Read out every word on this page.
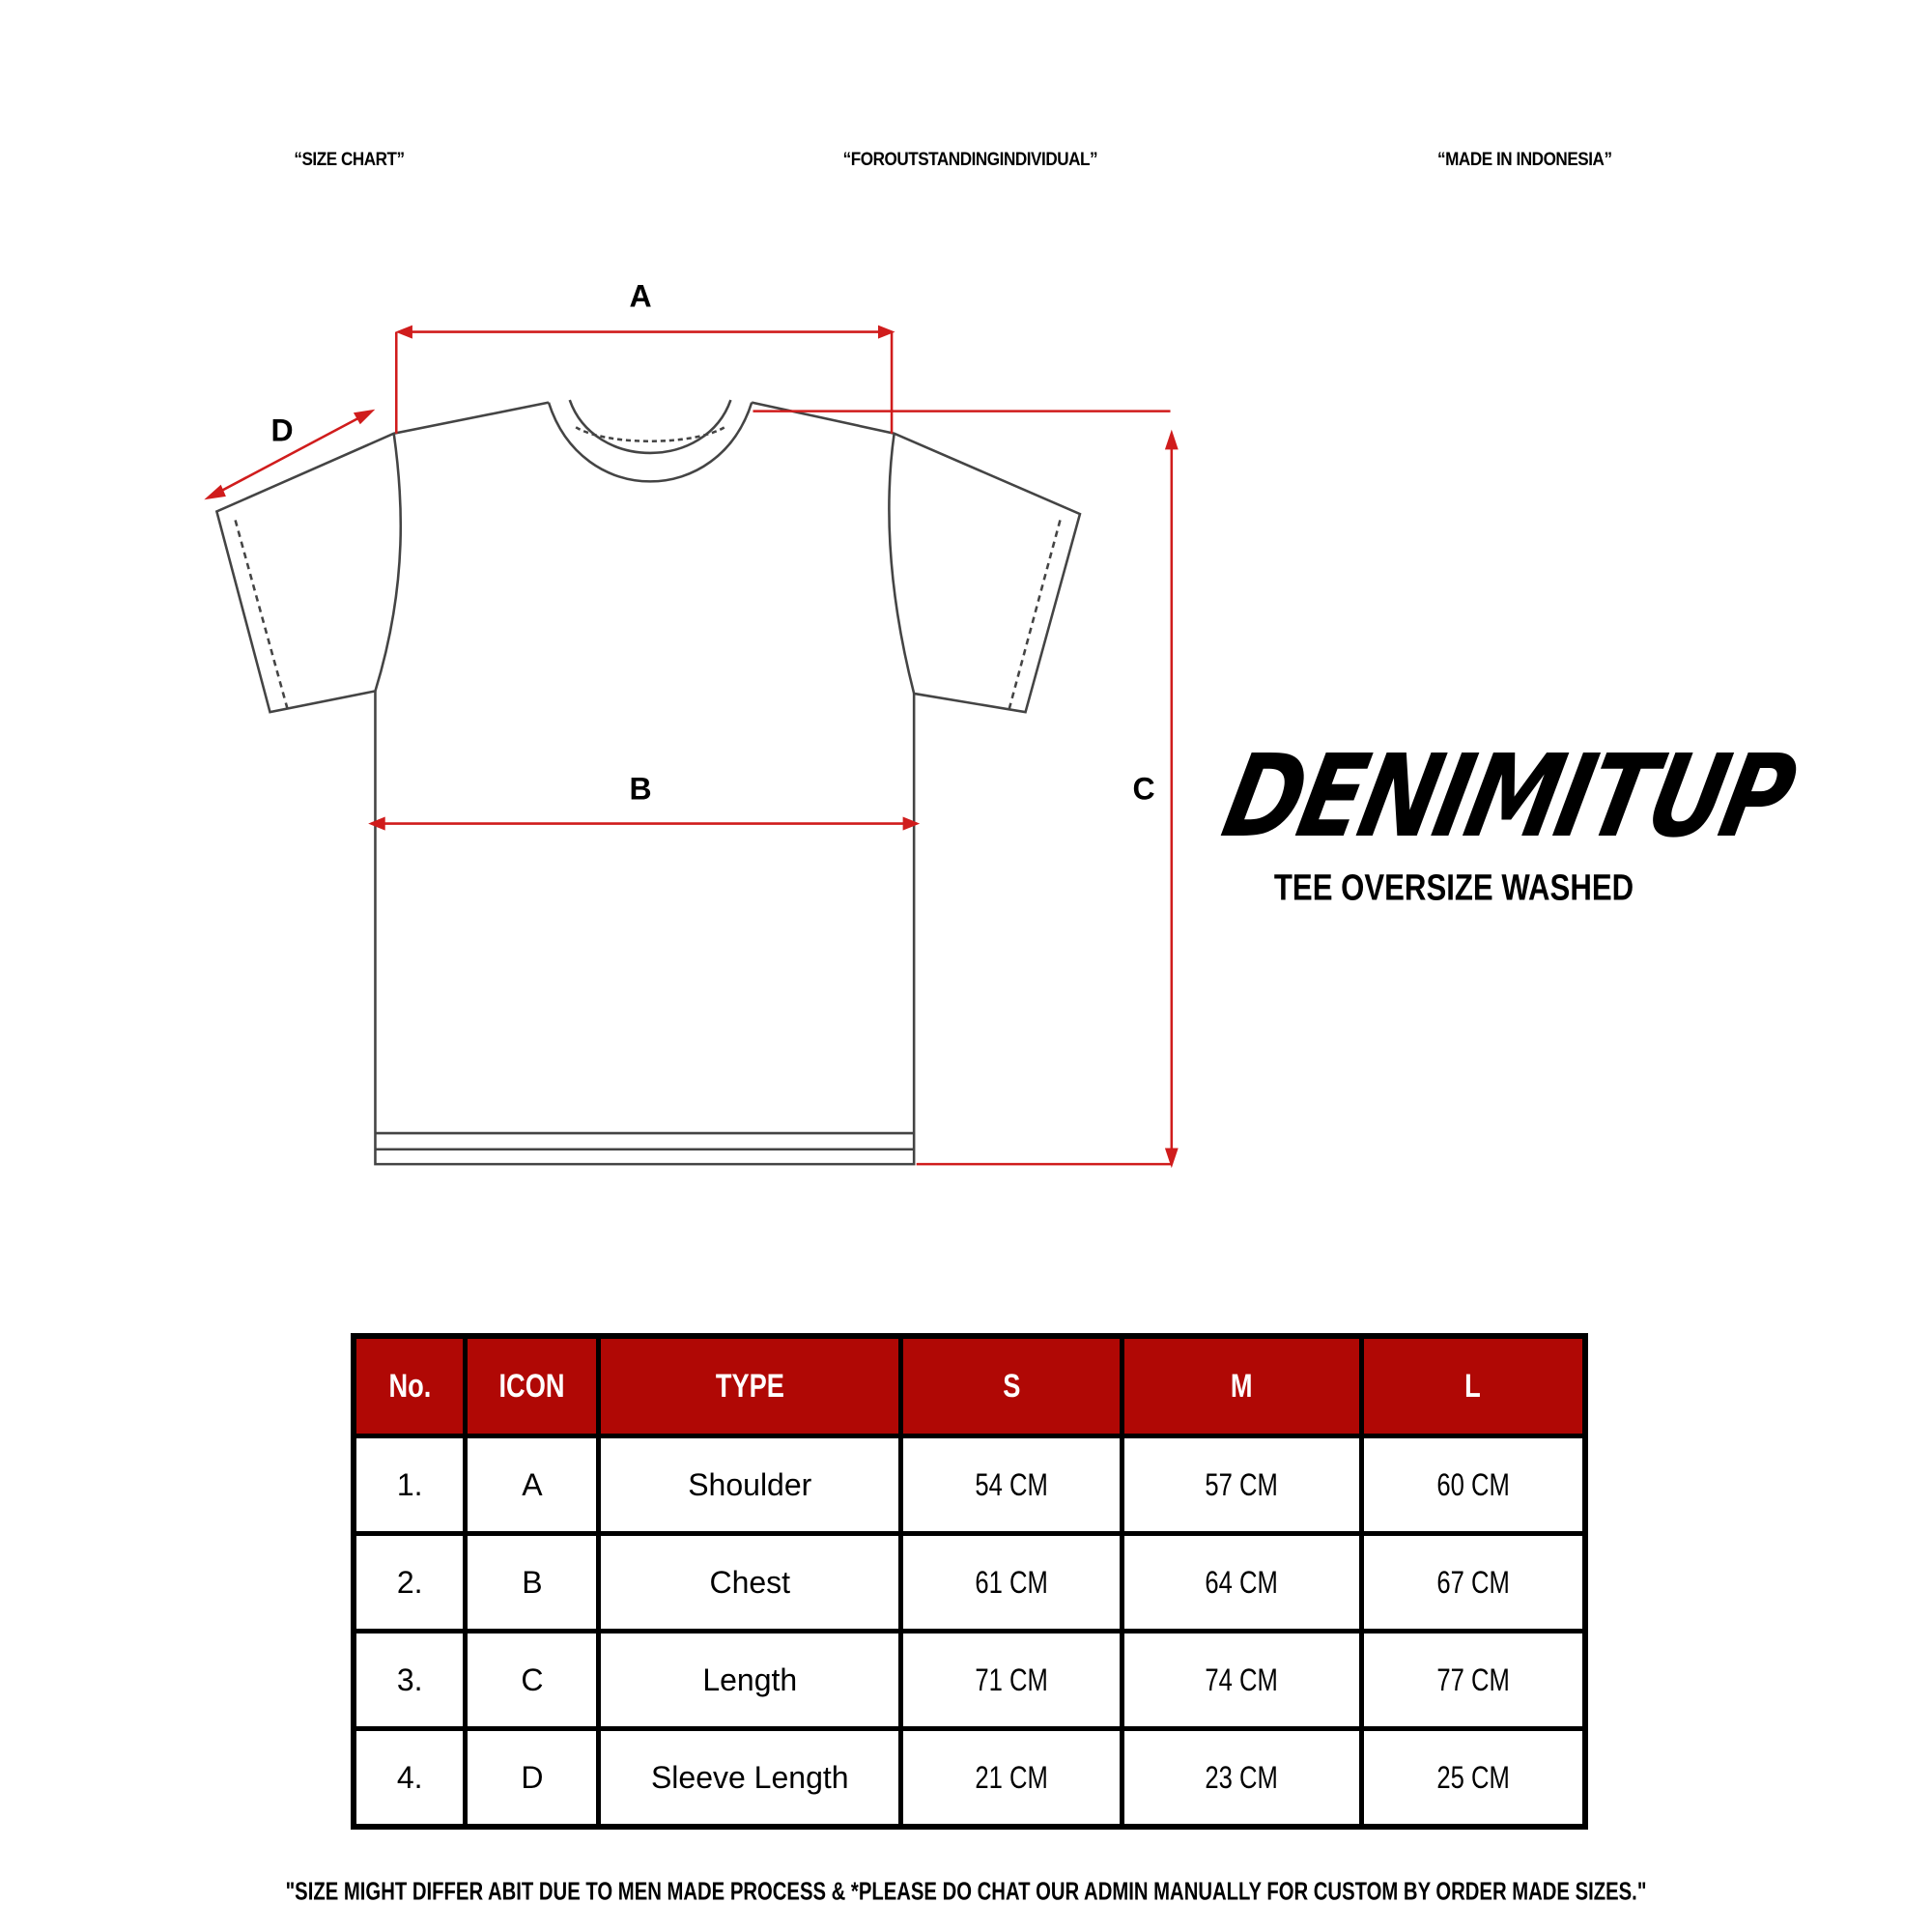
“SIZE CHART”	“FOROUTSTANDINGINDIVIDUAL”	“MADE IN INDONESIA”
A
B	C
D
DENIMITUP
TEE OVERSIZE WASHED
No.	ICON	TYPE	S	M	L
1.	A	Shoulder	54 CM	57 CM	60 CM
2.	B	Chest	61 CM	64 CM	67 CM
3.	C	Length	71 CM	74 CM	77 CM
4.	D	Sleeve Length	21 CM	23 CM	25 CM
"SIZE MIGHT DIFFER ABIT DUE TO MEN MADE PROCESS & *PLEASE DO CHAT OUR ADMIN MANUALLY FOR CUSTOM BY ORDER MADE SIZES."
